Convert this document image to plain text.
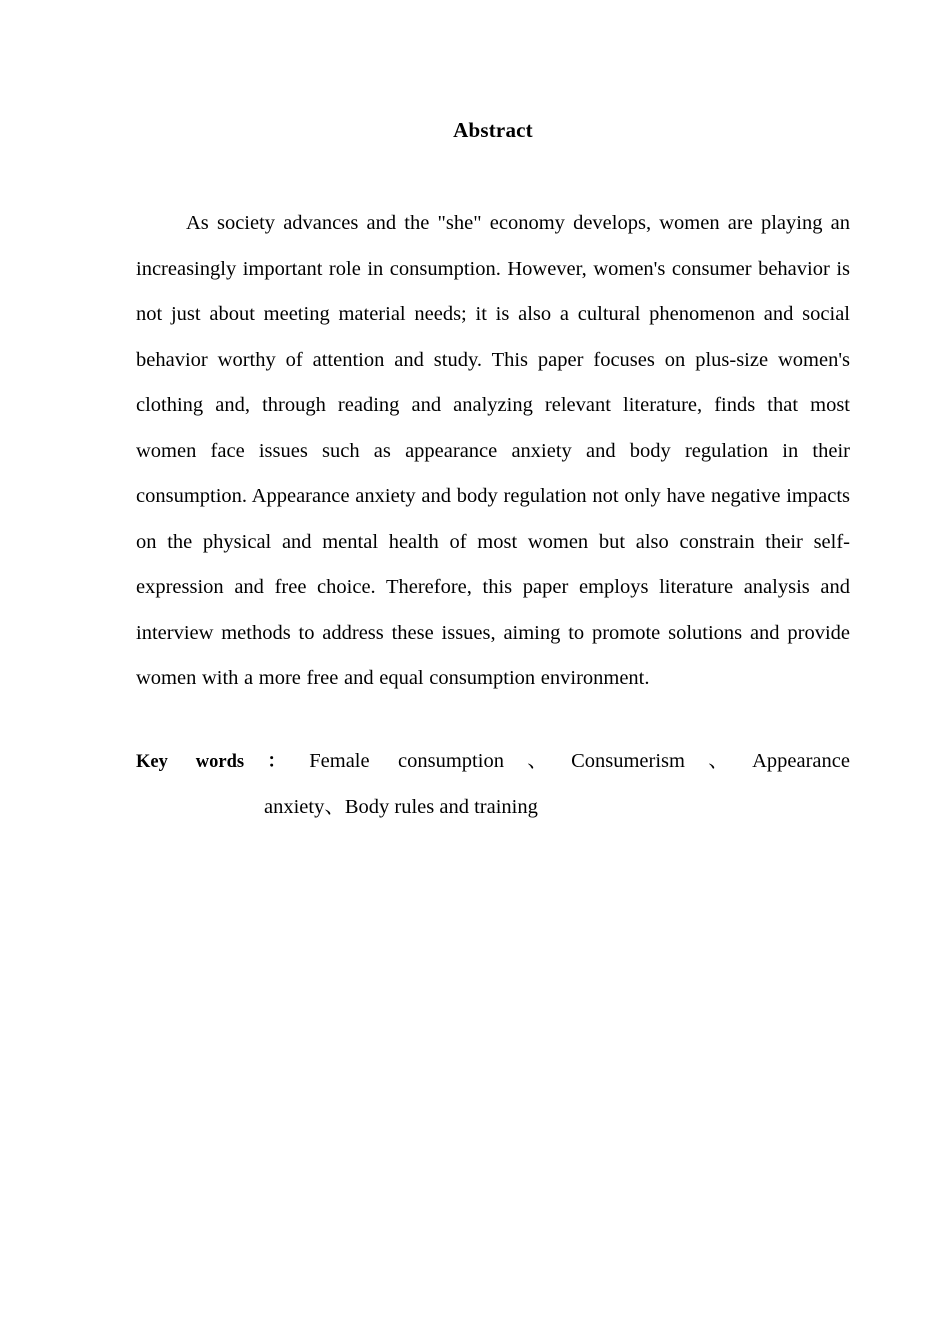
Abstract

As society advances and the "she" economy develops, women are playing an increasingly important role in consumption. However, women's consumer behavior is not just about meeting material needs; it is also a cultural phenomenon and social behavior worthy of attention and study. This paper focuses on plus-size women's clothing and, through reading and analyzing relevant literature, finds that most women face issues such as appearance anxiety and body regulation in their consumption. Appearance anxiety and body regulation not only have negative impacts on the physical and mental health of most women but also constrain their self-expression and free choice. Therefore, this paper employs literature analysis and interview methods to address these issues, aiming to promote solutions and provide women with a more free and equal consumption environment.

Key words：Female consumption、Consumerism、Appearance
anxiety、Body rules and training
